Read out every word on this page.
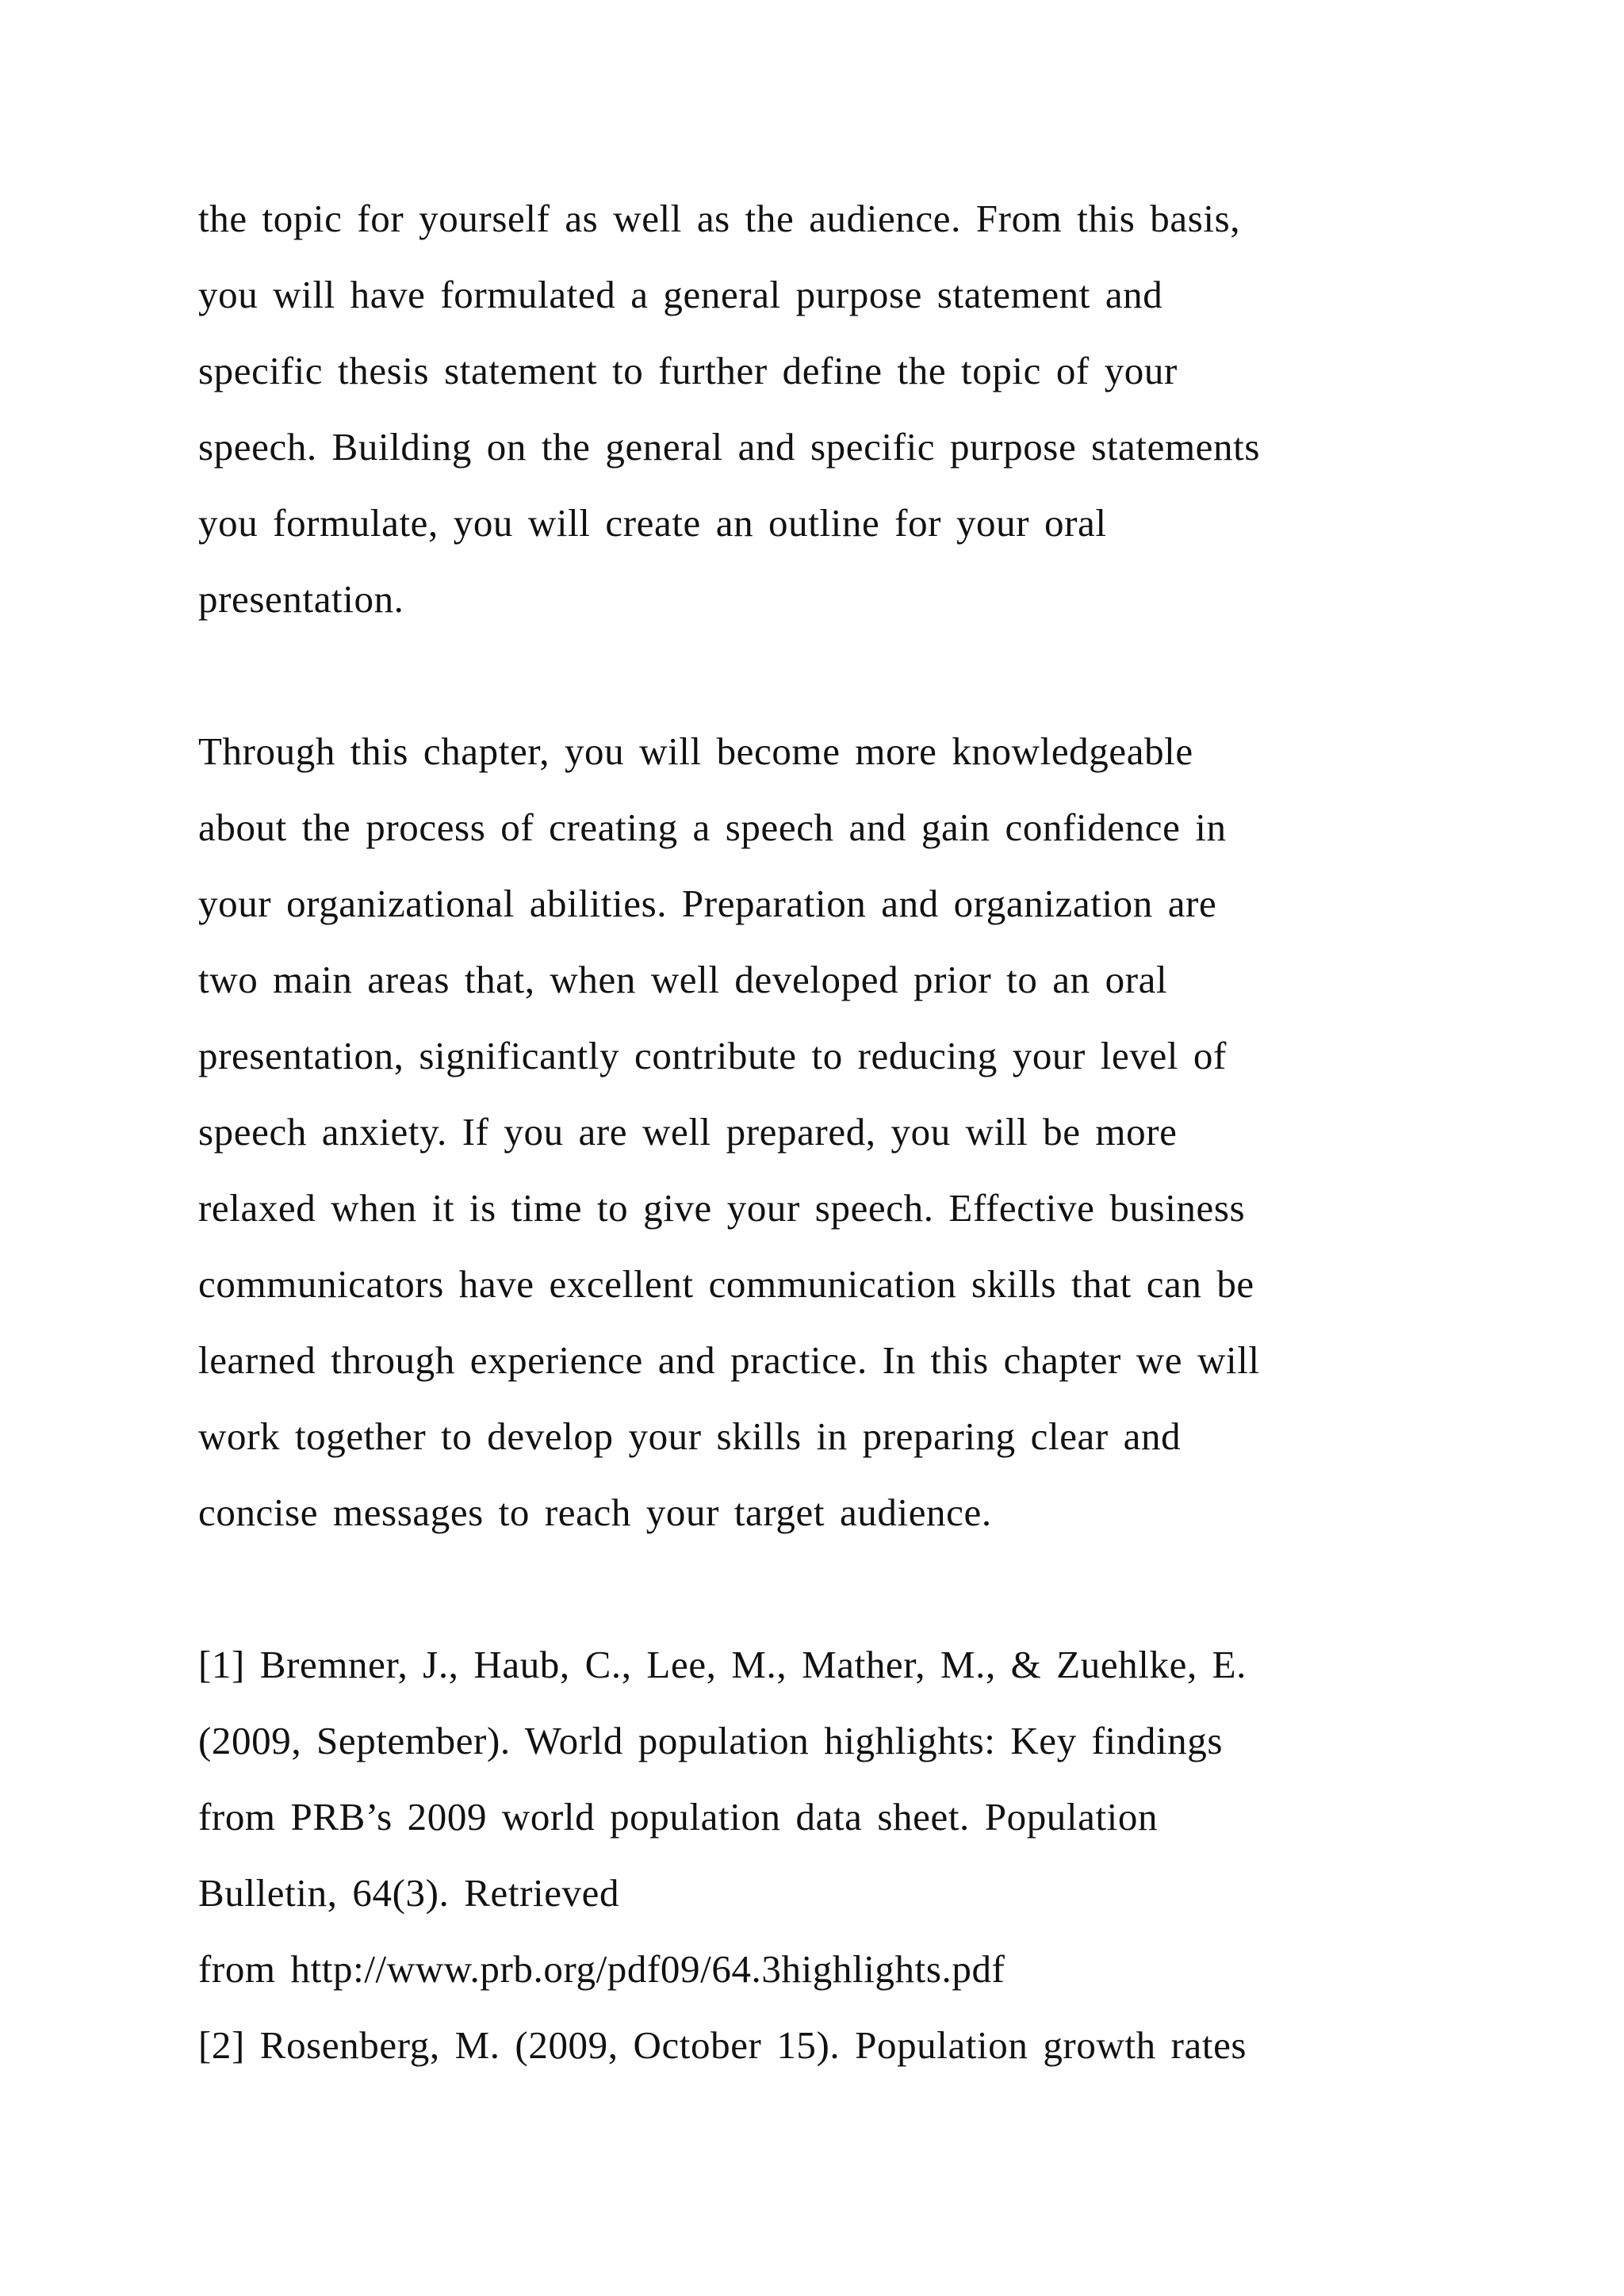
the topic for yourself as well as the audience. From this basis,
you will have formulated a general purpose statement and
specific thesis statement to further define the topic of your
speech. Building on the general and specific purpose statements
you formulate, you will create an outline for your oral
presentation.
Through this chapter, you will become more knowledgeable
about the process of creating a speech and gain confidence in
your organizational abilities. Preparation and organization are
two main areas that, when well developed prior to an oral
presentation, significantly contribute to reducing your level of
speech anxiety. If you are well prepared, you will be more
relaxed when it is time to give your speech. Effective business
communicators have excellent communication skills that can be
learned through experience and practice. In this chapter we will
work together to develop your skills in preparing clear and
concise messages to reach your target audience.
[1] Bremner, J., Haub, C., Lee, M., Mather, M., & Zuehlke, E.
(2009, September). World population highlights: Key findings
from PRB’s 2009 world population data sheet. Population
Bulletin, 64(3). Retrieved
from http://www.prb.org/pdf09/64.3highlights.pdf
[2] Rosenberg, M. (2009, October 15). Population growth rates
